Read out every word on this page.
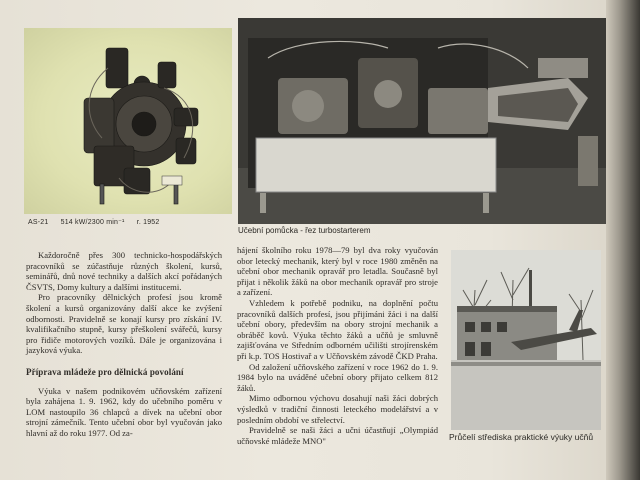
AS-21 514 kW/2300 min⁻¹ r. 1952
Učební pomůcka - řez turbostarterem

Každoročně přes 300 technicko-hospodářských pracovníků se zúčastňuje různých školení, kursů, seminářů, dnů nové techniky a dalších akcí pořádaných ČSVTS, Domy kultury a dalšími institucemi.

Pro pracovníky dělnických profesí jsou kromě školení a kursů organizovány další akce ke zvýšení odbornosti. Pravidelně se konají kursy pro získání IV. kvalifikačního stupně, kursy přeškolení svářečů, kursy pro řidiče motorových vozíků. Dále je organizována i jazyková výuka.

Příprava mládeže pro dělnická povolání

Výuka v našem podnikovém učňovském zařízení byla zahájena 1. 9. 1962, kdy do učebního poměru v LOM nastoupilo 36 chlapců a dívek na učební obor strojní zámečník. Tento učební obor byl vyučován jako hlavní až do roku 1977. Od za-

hájení školního roku 1978—79 byl dva roky vyučován obor letecký mechanik, který byl v roce 1980 změněn na učební obor mechanik opravář pro letadla. Současně byl přijat i několik žáků na obor mechanik opravář pro stroje a zařízení.

Vzhledem k potřebě podniku, na doplnění počtu pracovníků dalších profesí, jsou přijímáni žáci i na další učební obory, především na obory strojní mechanik a obráběč kovů. Výuka těchto žáků a učňů je smluvně zajišťována ve Středním odborném učilišti strojírenském při k.p. TOS Hostivař a v Učňovském závodě ČKD Praha.

Od založení učňovského zařízení v roce 1962 do 1. 9. 1984 bylo na uváděné učební obory přijato celkem 812 žáků.

Mimo odbornou výchovu dosahují naši žáci dobrých výsledků v tradiční činnosti leteckého modelářství a v posledním období ve střelectví.

Pravidelně se naši žáci a učni účastňují „Olympiád učňovské mládeže MNO"	Průčelí střediska praktické výuky učňů
